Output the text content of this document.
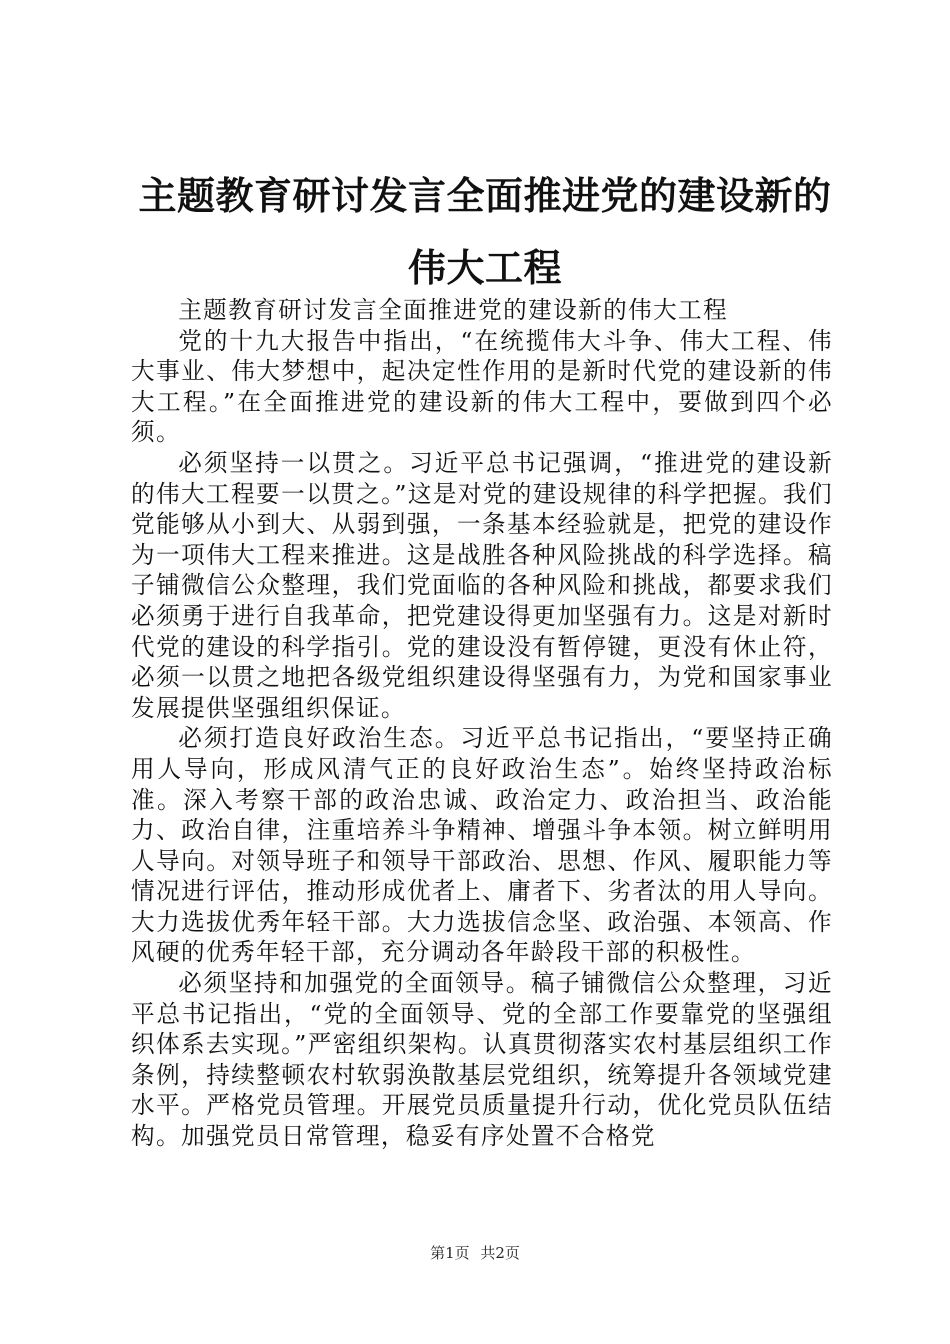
主题教育研讨发言全面推进党的建设新的伟大工程

主题教育研讨发言全面推进党的建设新的伟大工程

党的十九大报告中指出，“在统揽伟大斗争、伟大工程、伟大事业、伟大梦想中，起决定性作用的是新时代党的建设新的伟大工程。”在全面推进党的建设新的伟大工程中，要做到四个必须。

必须坚持一以贯之。习近平总书记强调，“推进党的建设新的伟大工程要一以贯之。”这是对党的建设规律的科学把握。我们党能够从小到大、从弱到强，一条基本经验就是，把党的建设作为一项伟大工程来推进。这是战胜各种风险挑战的科学选择。稿子铺微信公众整理，我们党面临的各种风险和挑战，都要求我们必须勇于进行自我革命，把党建设得更加坚强有力。这是对新时代党的建设的科学指引。党的建设没有暂停键，更没有休止符，必须一以贯之地把各级党组织建设得坚强有力，为党和国家事业发展提供坚强组织保证。

必须打造良好政治生态。习近平总书记指出，“要坚持正确用人导向，形成风清气正的良好政治生态”。始终坚持政治标准。深入考察干部的政治忠诚、政治定力、政治担当、政治能力、政治自律，注重培养斗争精神、增强斗争本领。树立鲜明用人导向。对领导班子和领导干部政治、思想、作风、履职能力等情况进行评估，推动形成优者上、庸者下、劣者汰的用人导向。大力选拔优秀年轻干部。大力选拔信念坚、政治强、本领高、作风硬的优秀年轻干部，充分调动各年龄段干部的积极性。

必须坚持和加强党的全面领导。稿子铺微信公众整理，习近平总书记指出，“党的全面领导、党的全部工作要靠党的坚强组织体系去实现。”严密组织架构。认真贯彻落实农村基层组织工作条例，持续整顿农村软弱涣散基层党组织，统筹提升各领域党建水平。严格党员管理。开展党员质量提升行动，优化党员队伍结构。加强党员日常管理，稳妥有序处置不合格党

第1页 共2页
